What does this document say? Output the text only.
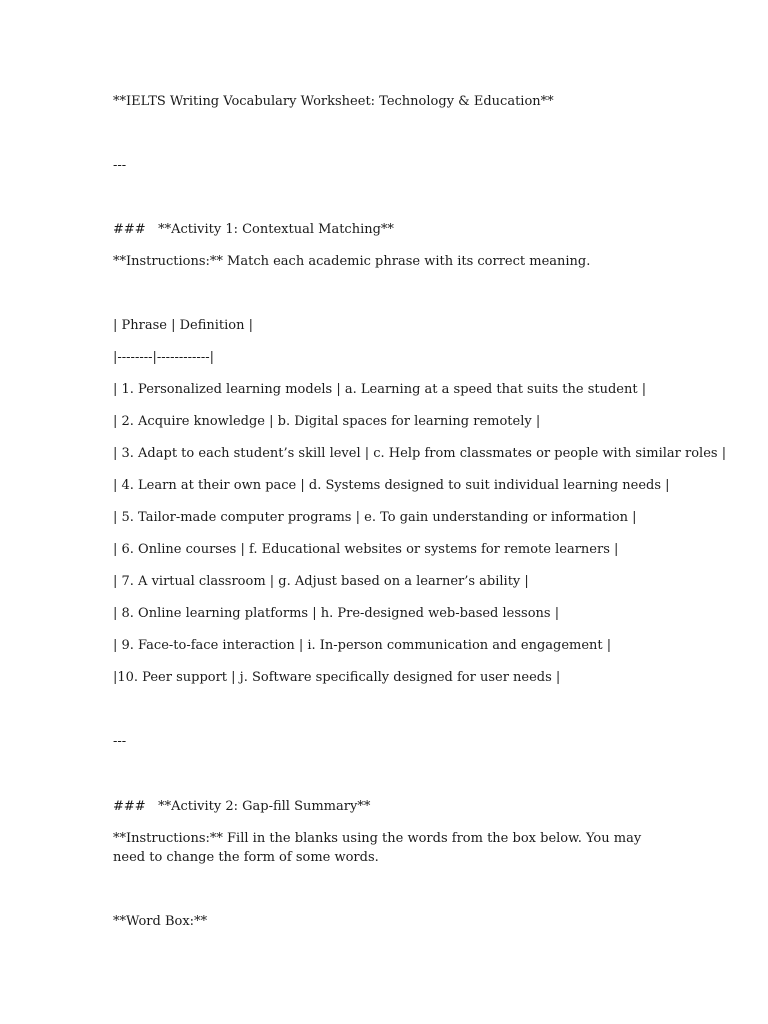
**IELTS Writing Vocabulary Worksheet: Technology & Education**

---

###   **Activity 1: Contextual Matching**

**Instructions:** Match each academic phrase with its correct meaning.

| Phrase | Definition |

|--------|------------|

| 1. Personalized learning models | a. Learning at a speed that suits the student |

| 2. Acquire knowledge | b. Digital spaces for learning remotely |

| 3. Adapt to each student’s skill level | c. Help from classmates or people with similar roles |

| 4. Learn at their own pace | d. Systems designed to suit individual learning needs |

| 5. Tailor-made computer programs | e. To gain understanding or information |

| 6. Online courses | f. Educational websites or systems for remote learners |

| 7. A virtual classroom | g. Adjust based on a learner’s ability |

| 8. Online learning platforms | h. Pre-designed web-based lessons |

| 9. Face-to-face interaction | i. In-person communication and engagement |

|10. Peer support | j. Software specifically designed for user needs |

---

###   **Activity 2: Gap-fill Summary**

**Instructions:** Fill in the blanks using the words from the box below. You may need to change the form of some words.

**Word Box:**
